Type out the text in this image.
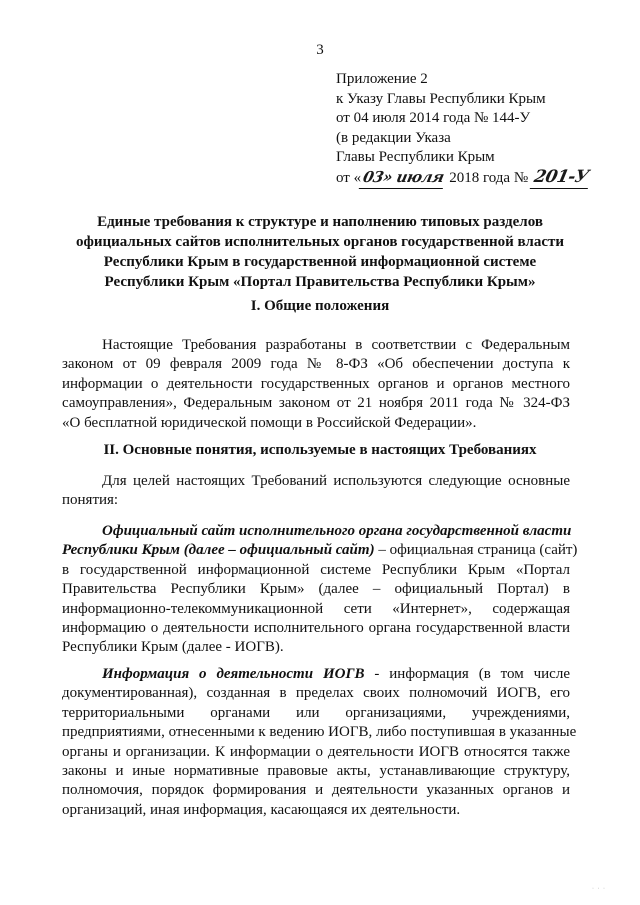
3
Приложение 2
к Указу Главы Республики Крым
от 04 июля 2014 года № 144-У
(в редакции Указа
Главы Республики Крым
от «03» июля 2018 года № 201-У
Единые требования к структуре и наполнению типовых разделов
официальных сайтов исполнительных органов государственной власти
Республики Крым в государственной информационной системе
Республики Крым «Портал Правительства Республики Крым»
I. Общие положения
Настоящие Требования разработаны в соответствии с Федеральным
законом от 09 февраля 2009 года № 8-ФЗ «Об обеспечении доступа к
информации о деятельности государственных органов и органов местного
самоуправления», Федеральным законом от 21 ноября 2011 года № 324-ФЗ
«О бесплатной юридической помощи в Российской Федерации».
II. Основные понятия, используемые в настоящих Требованиях
Для целей настоящих Требований используются следующие основные
понятия:
Официальный сайт исполнительного органа государственной власти
Республики Крым (далее – официальный сайт) – официальная страница (сайт)
в государственной информационной системе Республики Крым «Портал
Правительства Республики Крым» (далее – официальный Портал) в
информационно-телекоммуникационной сети «Интернет», содержащая
информацию о деятельности исполнительного органа государственной власти
Республики Крым (далее - ИОГВ).
Информация о деятельности ИОГВ - информация (в том числе
документированная), созданная в пределах своих полномочий ИОГВ, его
территориальными органами или организациями, учреждениями,
предприятиями, отнесенными к ведению ИОГВ, либо поступившая в указанные
органы и организации. К информации о деятельности ИОГВ относятся также
законы и иные нормативные правовые акты, устанавливающие структуру,
полномочия, порядок формирования и деятельности указанных органов и
организаций, иная информация, касающаяся их деятельности.
· · ·
